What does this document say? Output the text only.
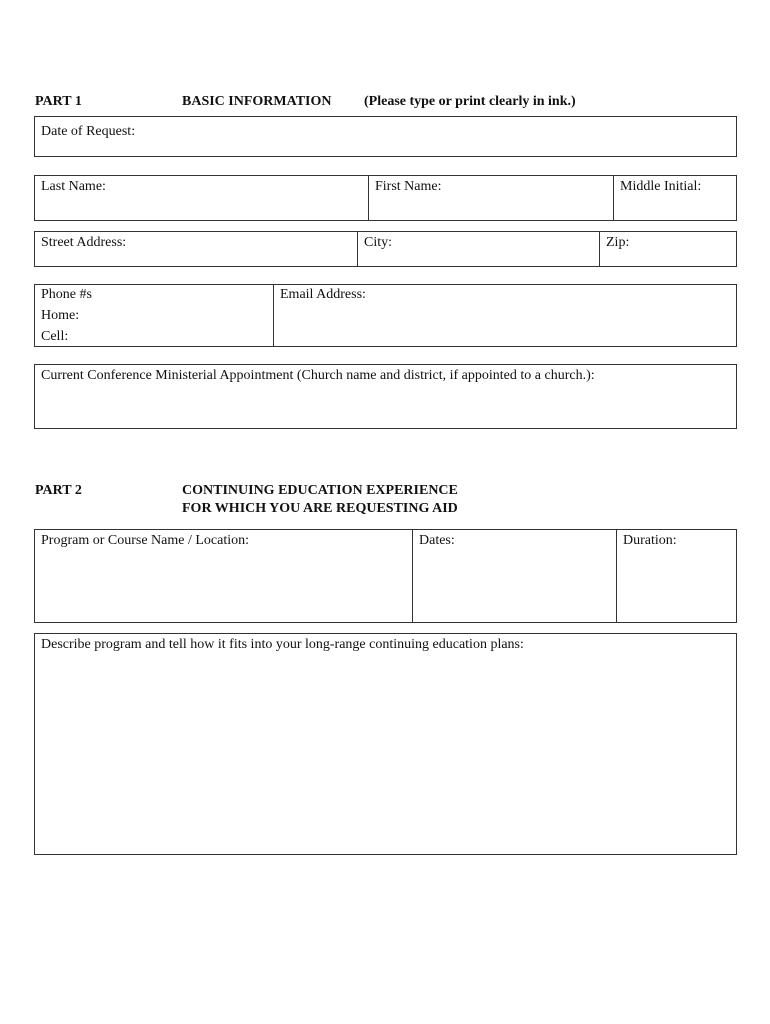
PART 1	BASIC INFORMATION (Please type or print clearly in ink.)
Date of Request:
Last Name:	First Name:	Middle Initial:
Street Address:	City:	Zip:
Phone #s
Home:
Cell:
Email Address:
Current Conference Ministerial Appointment (Church name and district, if appointed to a church.):
PART 2	CONTINUING EDUCATION EXPERIENCE
FOR WHICH YOU ARE REQUESTING AID
Program or Course Name / Location:	Dates:	Duration:
Describe program and tell how it fits into your long-range continuing education plans:
